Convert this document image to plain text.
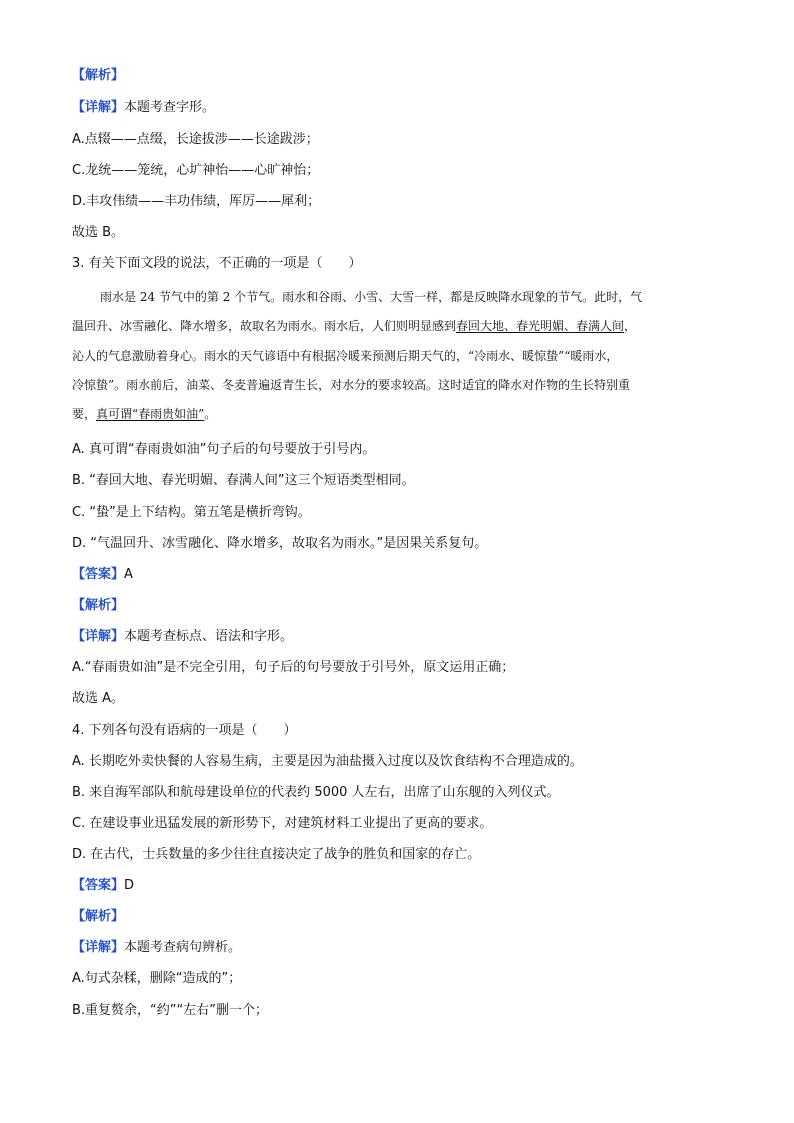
【解析】
【详解】本题考查字形。
A.点辍——点缀，长途拔涉——长途跋涉；
C.龙统——笼统，心圹神怡——心旷神怡；
D.丰攻伟绩——丰功伟绩，厍厉——犀利；
故选 B。
3. 有关下面文段的说法，不正确的一项是（　　）
雨水是 24 节气中的第 2 个节气。雨水和谷雨、小雪、大雪一样，都是反映降水现象的节气。此时，气
温回升、冰雪融化、降水增多，故取名为雨水。雨水后，人们则明显感到春回大地、春光明媚、春满人间，
沁人的气息激励着身心。雨水的天气谚语中有根据冷暖来预测后期天气的，“冷雨水、暖惊蛰”“暖雨水，
冷惊蛰”。雨水前后，油菜、冬麦普遍返青生长，对水分的要求较高。这时适宜的降水对作物的生长特别重
要，真可谓“春雨贵如油”。
A. 真可谓“春雨贵如油”句子后的句号要放于引号内。
B. “春回大地、春光明媚、春满人间”这三个短语类型相同。
C. “蛰”是上下结构。第五笔是横折弯钩。
D. “气温回升、冰雪融化、降水增多，故取名为雨水。”是因果关系复句。
【答案】A
【解析】
【详解】本题考查标点、语法和字形。
A.“春雨贵如油”是不完全引用，句子后的句号要放于引号外，原文运用正确；
故选 A。
4. 下列各句没有语病的一项是（　　）
A. 长期吃外卖快餐的人容易生病，主要是因为油盐摄入过度以及饮食结构不合理造成的。
B. 来自海军部队和航母建设单位的代表约 5000 人左右，出席了山东舰的入列仪式。
C. 在建设事业迅猛发展的新形势下，对建筑材料工业提出了更高的要求。
D. 在古代，士兵数量的多少往往直接决定了战争的胜负和国家的存亡。
【答案】D
【解析】
【详解】本题考查病句辨析。
A.句式杂糅，删除“造成的”；
B.重复赘余，“约”“左右”删一个；
